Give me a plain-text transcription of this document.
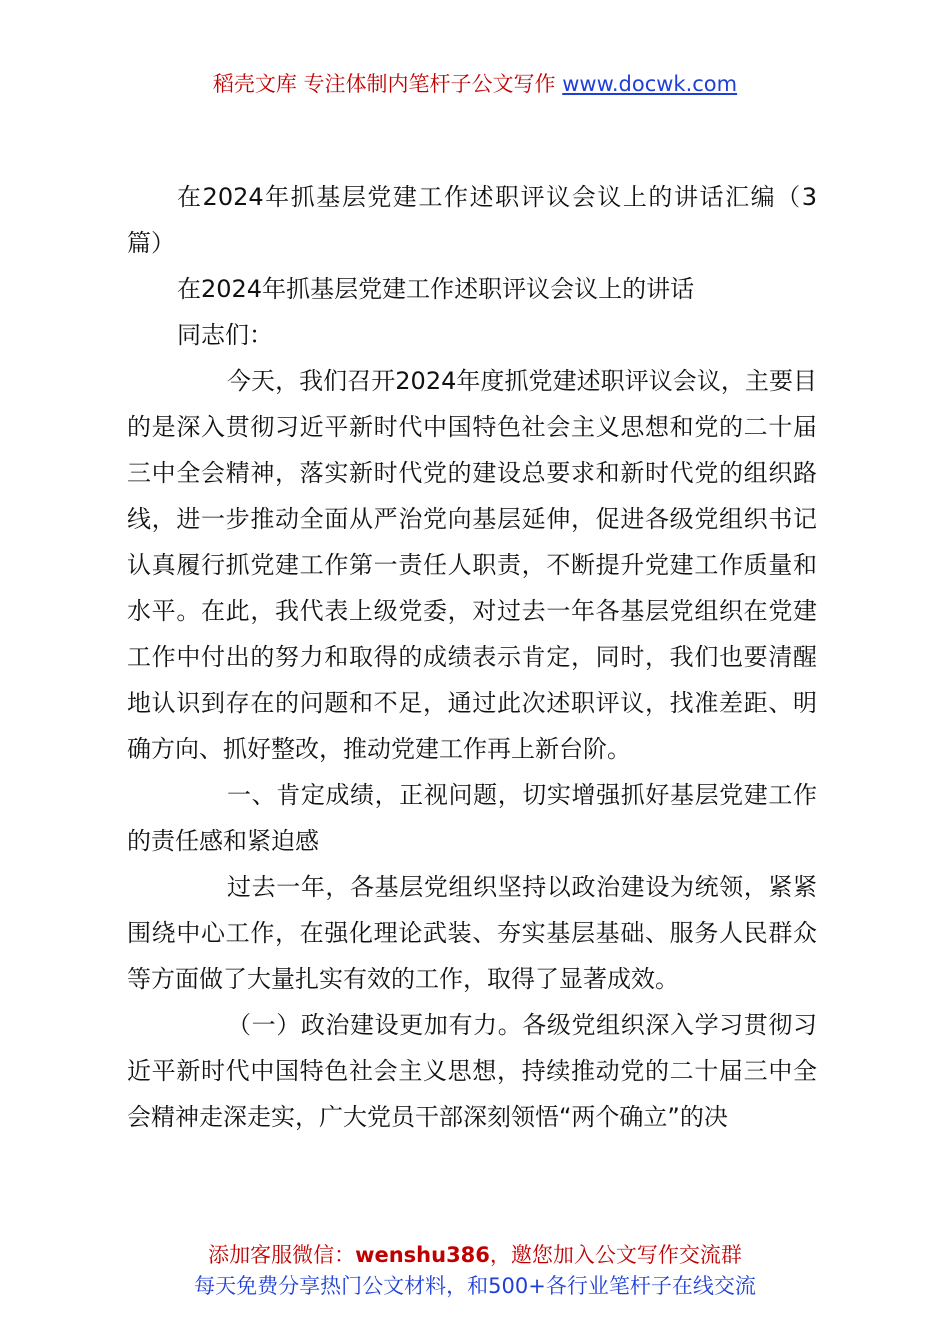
稻壳文库 专注体制内笔杆子公文写作 www.docwk.com

在2024年抓基层党建工作述职评议会议上的讲话汇编（3篇）

在2024年抓基层党建工作述职评议会议上的讲话

同志们：

今天，我们召开2024年度抓党建述职评议会议，主要目的是深入贯彻习近平新时代中国特色社会主义思想和党的二十届三中全会精神，落实新时代党的建设总要求和新时代党的组织路线，进一步推动全面从严治党向基层延伸，促进各级党组织书记认真履行抓党建工作第一责任人职责，不断提升党建工作质量和水平。在此，我代表上级党委，对过去一年各基层党组织在党建工作中付出的努力和取得的成绩表示肯定，同时，我们也要清醒地认识到存在的问题和不足，通过此次述职评议，找准差距、明确方向、抓好整改，推动党建工作再上新台阶。

一、肯定成绩，正视问题，切实增强抓好基层党建工作的责任感和紧迫感

过去一年，各基层党组织坚持以政治建设为统领，紧紧围绕中心工作，在强化理论武装、夯实基层基础、服务人民群众等方面做了大量扎实有效的工作，取得了显著成效。

（一）政治建设更加有力。各级党组织深入学习贯彻习近平新时代中国特色社会主义思想，持续推动党的二十届三中全会精神走深走实，广大党员干部深刻领悟“两个确立”的决

添加客服微信：wenshu386，邀您加入公文写作交流群
每天免费分享热门公文材料，和500+各行业笔杆子在线交流
